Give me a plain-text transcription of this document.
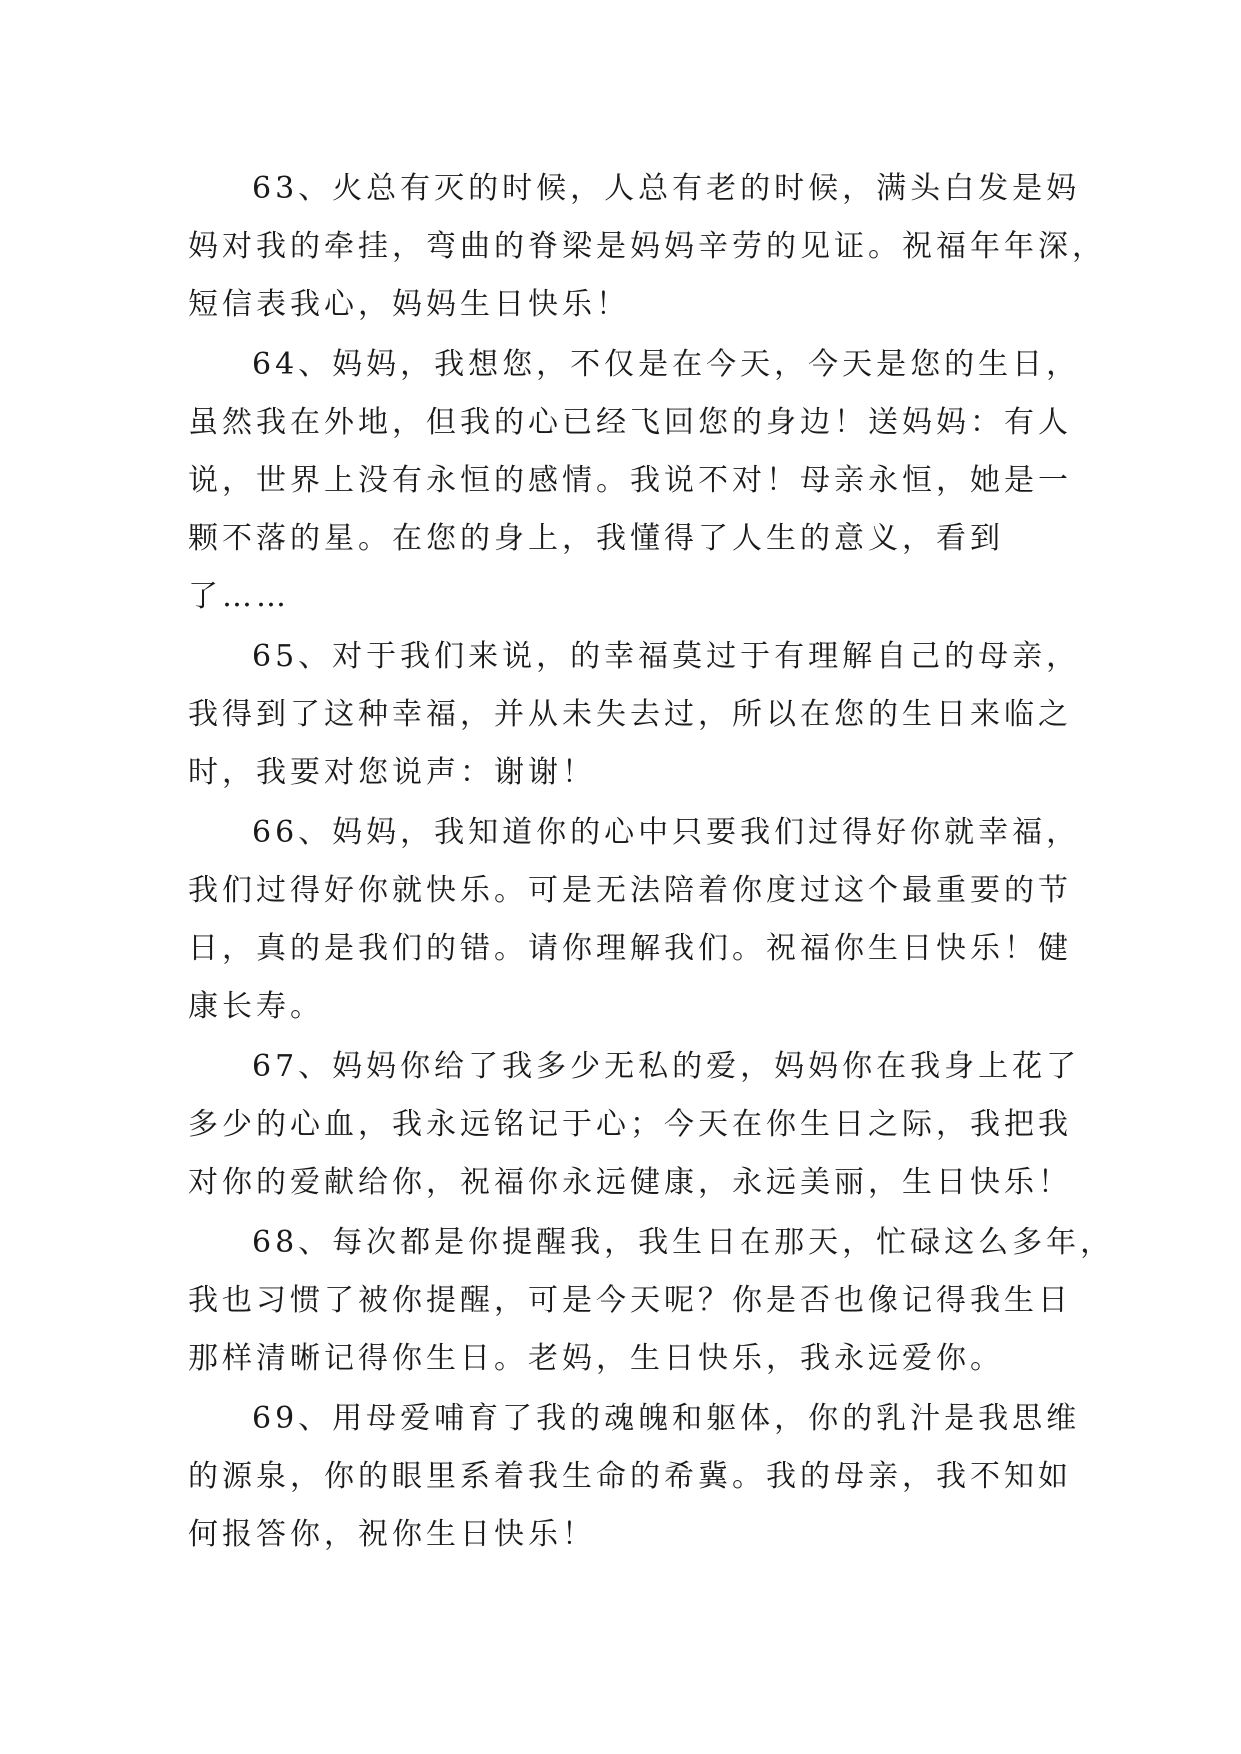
63、火总有灭的时候，人总有老的时候，满头白发是妈
妈对我的牵挂，弯曲的脊梁是妈妈辛劳的见证。祝福年年深，
短信表我心，妈妈生日快乐！
64、妈妈，我想您，不仅是在今天，今天是您的生日，
虽然我在外地，但我的心已经飞回您的身边！送妈妈：有人
说，世界上没有永恒的感情。我说不对！母亲永恒，她是一
颗不落的星。在您的身上，我懂得了人生的意义，看到
了……
65、对于我们来说，的幸福莫过于有理解自己的母亲，
我得到了这种幸福，并从未失去过，所以在您的生日来临之
时，我要对您说声：谢谢！
66、妈妈，我知道你的心中只要我们过得好你就幸福，
我们过得好你就快乐。可是无法陪着你度过这个最重要的节
日，真的是我们的错。请你理解我们。祝福你生日快乐！健
康长寿。
67、妈妈你给了我多少无私的爱，妈妈你在我身上花了
多少的心血，我永远铭记于心；今天在你生日之际，我把我
对你的爱献给你，祝福你永远健康，永远美丽，生日快乐！
68、每次都是你提醒我，我生日在那天，忙碌这么多年，
我也习惯了被你提醒，可是今天呢？你是否也像记得我生日
那样清晰记得你生日。老妈，生日快乐，我永远爱你。
69、用母爱哺育了我的魂魄和躯体，你的乳汁是我思维
的源泉，你的眼里系着我生命的希冀。我的母亲，我不知如
何报答你，祝你生日快乐！
